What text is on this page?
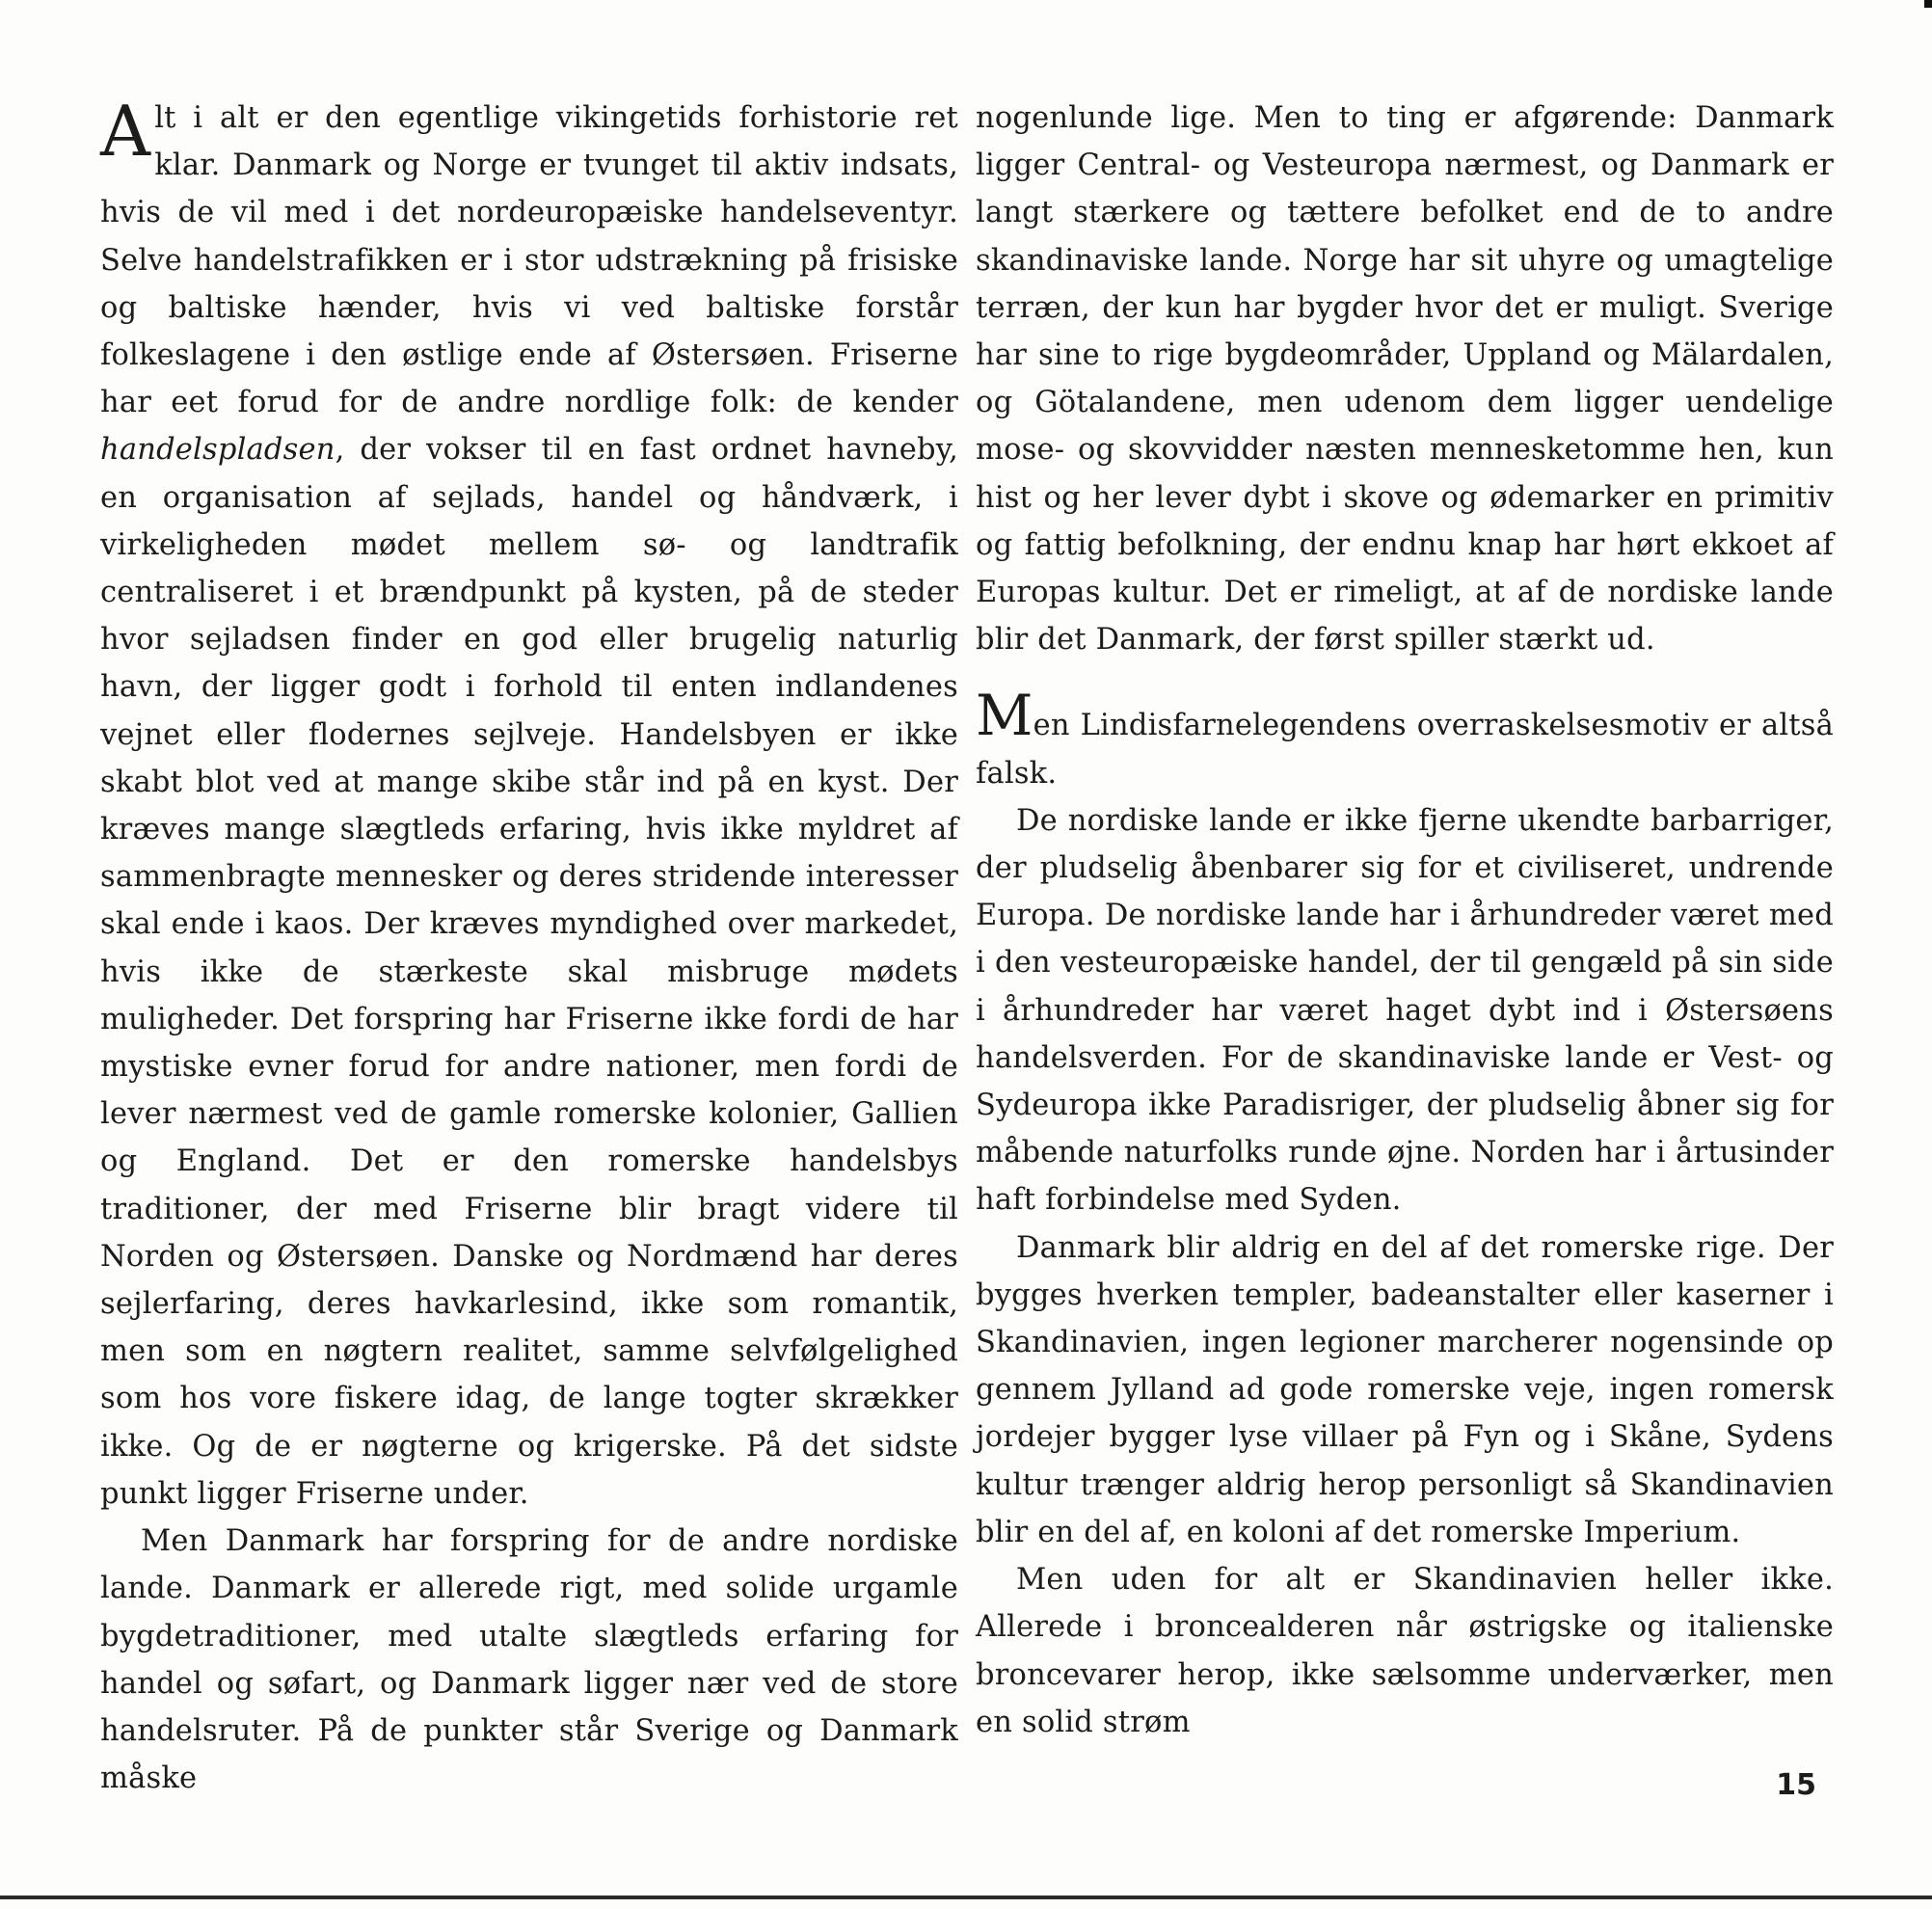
Alt i alt er den egentlige vikingetids forhistorie ret klar. Danmark og Norge er tvunget til aktiv indsats, hvis de vil med i det nordeuropæiske handelseventyr. Selve handelstrafikken er i stor udstrækning på frisiske og baltiske hænder, hvis vi ved baltiske forstår folkeslagene i den østlige ende af Østersøen. Friserne har eet forud for de andre nordlige folk: de kender handelspladsen, der vokser til en fast ordnet havneby, en organisation af sejlads, handel og håndværk, i virkeligheden mødet mellem sø- og landtrafik centraliseret i et brændpunkt på kysten, på de steder hvor sejladsen finder en god eller brugelig naturlig havn, der ligger godt i forhold til enten indlandenes vejnet eller flodernes sejlveje. Handelsbyen er ikke skabt blot ved at mange skibe står ind på en kyst. Der kræves mange slægtleds erfaring, hvis ikke myldret af sammenbragte mennesker og deres stridende interesser skal ende i kaos. Der kræves myndighed over markedet, hvis ikke de stærkeste skal misbruge mødets muligheder. Det forspring har Friserne ikke fordi de har mystiske evner forud for andre nationer, men fordi de lever nærmest ved de gamle romerske kolonier, Gallien og England. Det er den romerske handelsbys traditioner, der med Friserne blir bragt videre til Norden og Østersøen. Danske og Nordmænd har deres sejlerfaring, deres havkarlesind, ikke som romantik, men som en nøgtern realitet, samme selvfølgelighed som hos vore fiskere idag, de lange togter skrækker ikke. Og de er nøgterne og krigerske. På det sidste punkt ligger Friserne under.

Men Danmark har forspring for de andre nordiske lande. Danmark er allerede rigt, med solide urgamle bygdetraditioner, med utalte slægtleds erfaring for handel og søfart, og Danmark ligger nær ved de store handelsruter. På de punkter står Sverige og Danmark måske

nogenlunde lige. Men to ting er afgørende: Danmark ligger Central- og Vesteuropa nærmest, og Danmark er langt stærkere og tættere befolket end de to andre skandinaviske lande. Norge har sit uhyre og umagtelige terræn, der kun har bygder hvor det er muligt. Sverige har sine to rige bygdeområder, Uppland og Mälardalen, og Götalandene, men udenom dem ligger uendelige mose- og skovvidder næsten mennesketomme hen, kun hist og her lever dybt i skove og ødemarker en primitiv og fattig befolkning, der endnu knap har hørt ekkoet af Europas kultur. Det er rimeligt, at af de nordiske lande blir det Danmark, der først spiller stærkt ud.

Men Lindisfarnelegendens overraskelsesmotiv er altså falsk.

De nordiske lande er ikke fjerne ukendte barbarriger, der pludselig åbenbarer sig for et civiliseret, undrende Europa. De nordiske lande har i århundreder været med i den vesteuropæiske handel, der til gengæld på sin side i århundreder har været haget dybt ind i Østersøens handelsverden. For de skandinaviske lande er Vest- og Sydeuropa ikke Paradisriger, der pludselig åbner sig for måbende naturfolks runde øjne. Norden har i årtusinder haft forbindelse med Syden.

Danmark blir aldrig en del af det romerske rige. Der bygges hverken templer, badeanstalter eller kaserner i Skandinavien, ingen legioner marcherer nogensinde op gennem Jylland ad gode romerske veje, ingen romersk jordejer bygger lyse villaer på Fyn og i Skåne, Sydens kultur trænger aldrig herop personligt så Skandinavien blir en del af, en koloni af det romerske Imperium.

Men uden for alt er Skandinavien heller ikke. Allerede i broncealderen når østrigske og italienske broncevarer herop, ikke sælsomme underværker, men en solid strøm

15
